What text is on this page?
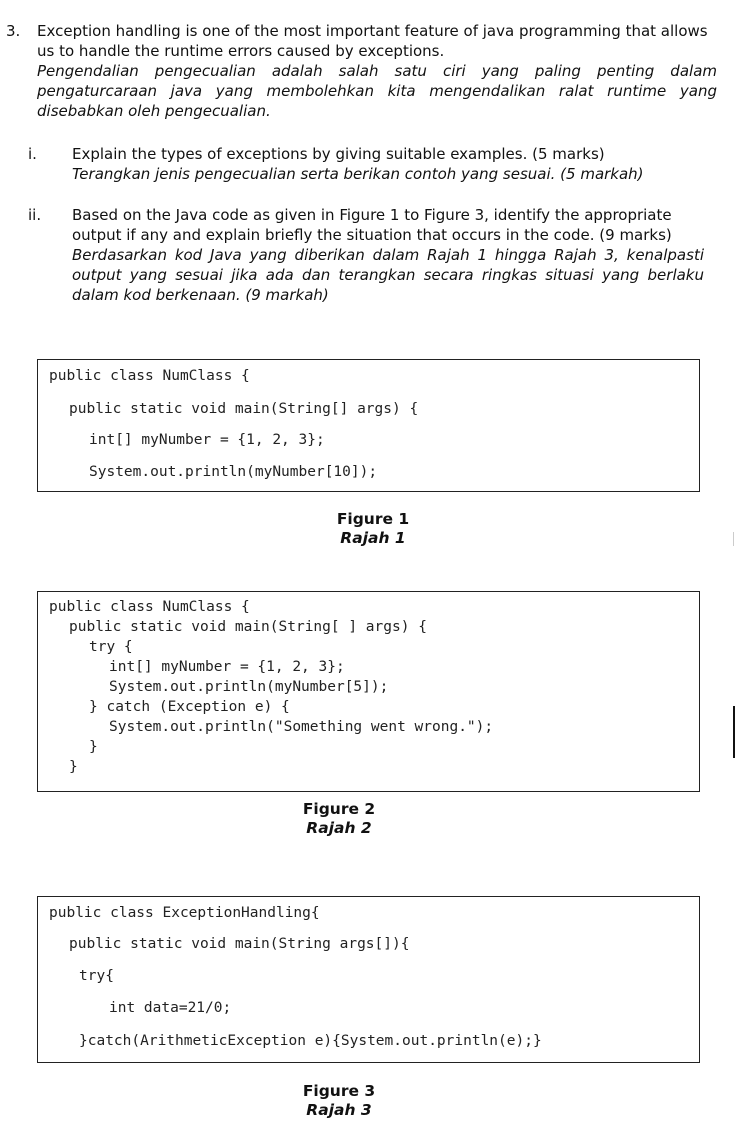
3. Exception handling is one of the most important feature of java programming that allows us to handle the runtime errors caused by exceptions.
Pengendalian pengecualian adalah salah satu ciri yang paling penting dalam pengaturcaraan java yang membolehkan kita mengendalikan ralat runtime yang disebabkan oleh pengecualian.
i. Explain the types of exceptions by giving suitable examples. (5 marks)
Terangkan jenis pengecualian serta berikan contoh yang sesuai. (5 markah)
ii. Based on the Java code as given in Figure 1 to Figure 3, identify the appropriate output if any and explain briefly the situation that occurs in the code. (9 marks)
Berdasarkan kod Java yang diberikan dalam Rajah 1 hingga Rajah 3, kenalpasti output yang sesuai jika ada dan terangkan secara ringkas situasi yang berlaku dalam kod berkenaan. (9 markah)
public class NumClass {
public static void main(String[] args) {
int[] myNumber = {1, 2, 3};
System.out.println(myNumber[10]);
Figure 1
Rajah 1
public class NumClass {
public static void main(String[ ] args) {
try {
int[] myNumber = {1, 2, 3};
System.out.println(myNumber[5]);
} catch (Exception e) {
System.out.println("Something went wrong.");
}
}
Figure 2
Rajah 2
public class ExceptionHandling{
public static void main(String args[]){
try{
int data=21/0;
}catch(ArithmeticException e){System.out.println(e);}
Figure 3
Rajah 3
